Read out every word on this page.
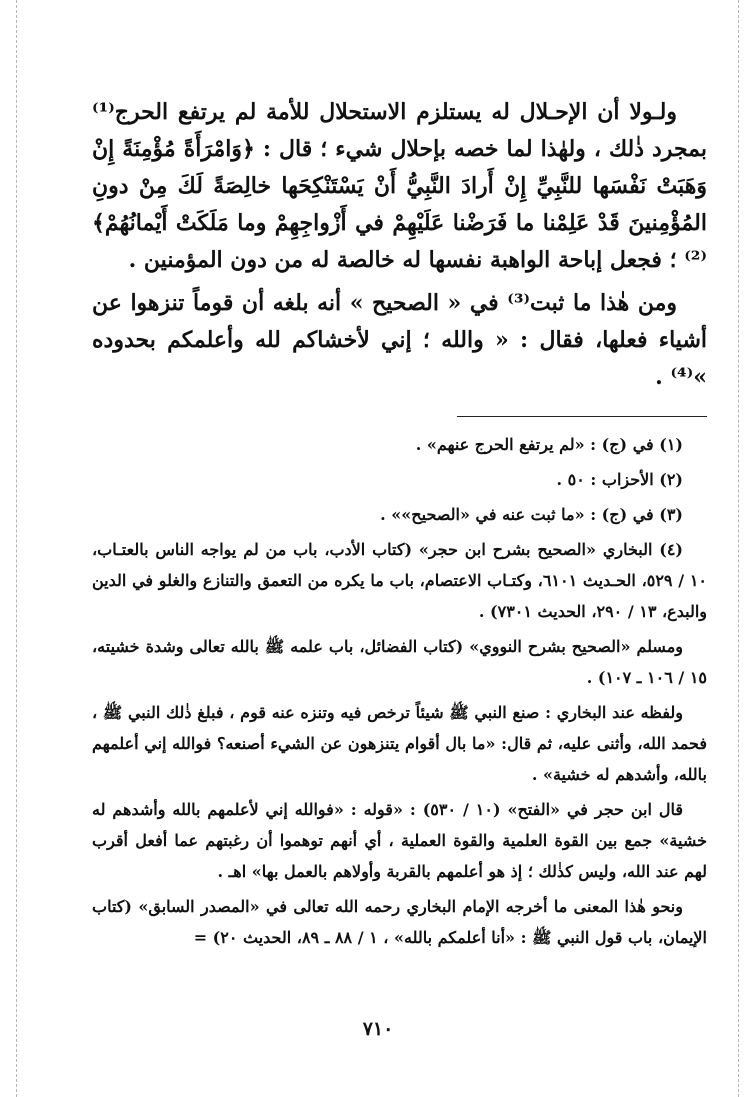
ولـولا أن الإحـلال له يستلزم الاستحلال للأمة لم يرتفع الحرج⁽¹⁾ بمجرد ذٰلك ، ولهٰذا لما خصه بإحلال شيء ؛ قال : ﴿وَامْرَأَةً مُؤْمِنَةً إِنْ وَهَبَتْ نَفْسَها للنَّبِيِّ إِنْ أَرادَ النَّبِيُّ أَنْ يَسْتَنْكِحَها خالِصَةً لَكَ مِنْ دونِ المُؤْمِنينَ قَدْ عَلِمْنا ما فَرَضْنا عَلَيْهِمْ في أَزْواجِهِمْ وما مَلَكَتْ أَيْمانُهُمْ﴾⁽²⁾ ؛ فجعل إباحة الواهبة نفسها له خالصة له من دون المؤمنين .

ومن هٰذا ما ثبت⁽³⁾ في « الصحيح » أنه بلغه أن قوماً تنزهوا عن أشياء فعلها، فقال : « والله ؛ إني لأخشاكم لله وأعلمكم بحدوده »⁽⁴⁾ .

(١) في (ج) : «لم يرتفع الحرج عنهم» .

(٢) الأحزاب : ٥٠ .

(٣) في (ج) : «ما ثبت عنه في «الصحيح»» .

(٤) البخاري «الصحيح بشرح ابن حجر» (كتاب الأدب، باب من لم يواجه الناس بالعتـاب، ١٠ / ٥٢٩، الحـديث ٦١٠١، وكتـاب الاعتصام، باب ما يكره من التعمق والتنازع والغلو في الدين والبدع، ١٣ / ٢٩٠، الحديث ٧٣٠١) .

ومسلم «الصحيح بشرح النووي» (كتاب الفضائل، باب علمه ﷺ بالله تعالى وشدة خشيته، ١٥ / ١٠٦ ـ ١٠٧) .

ولفظه عند البخاري : صنع النبي ﷺ شيئاً ترخص فيه وتنزه عنه قوم ، فبلغ ذٰلك النبي ﷺ ، فحمد الله، وأثنى عليه، ثم قال: «ما بال أقوام يتنزهون عن الشيء أصنعه؟ فوالله إني أعلمهم بالله، وأشدهم له خشية» .

قال ابن حجر في «الفتح» (١٠ / ٥٣٠) : «قوله : «فوالله إني لأعلمهم بالله وأشدهم له خشية» جمع بين القوة العلمية والقوة العملية ، أي أنهم توهموا أن رغبتهم عما أفعل أقرب لهم عند الله، وليس كذٰلك ؛ إذ هو أعلمهم بالقربة وأولاهم بالعمل بها» اهـ .

ونحو هٰذا المعنى ما أخرجه الإمام البخاري رحمه الله تعالى في «المصدر السابق» (كتاب الإيمان، باب قول النبي ﷺ : «أنا أعلمكم بالله» ، ١ / ٨٨ ـ ٨٩، الحديث ٢٠) =

٧١٠
